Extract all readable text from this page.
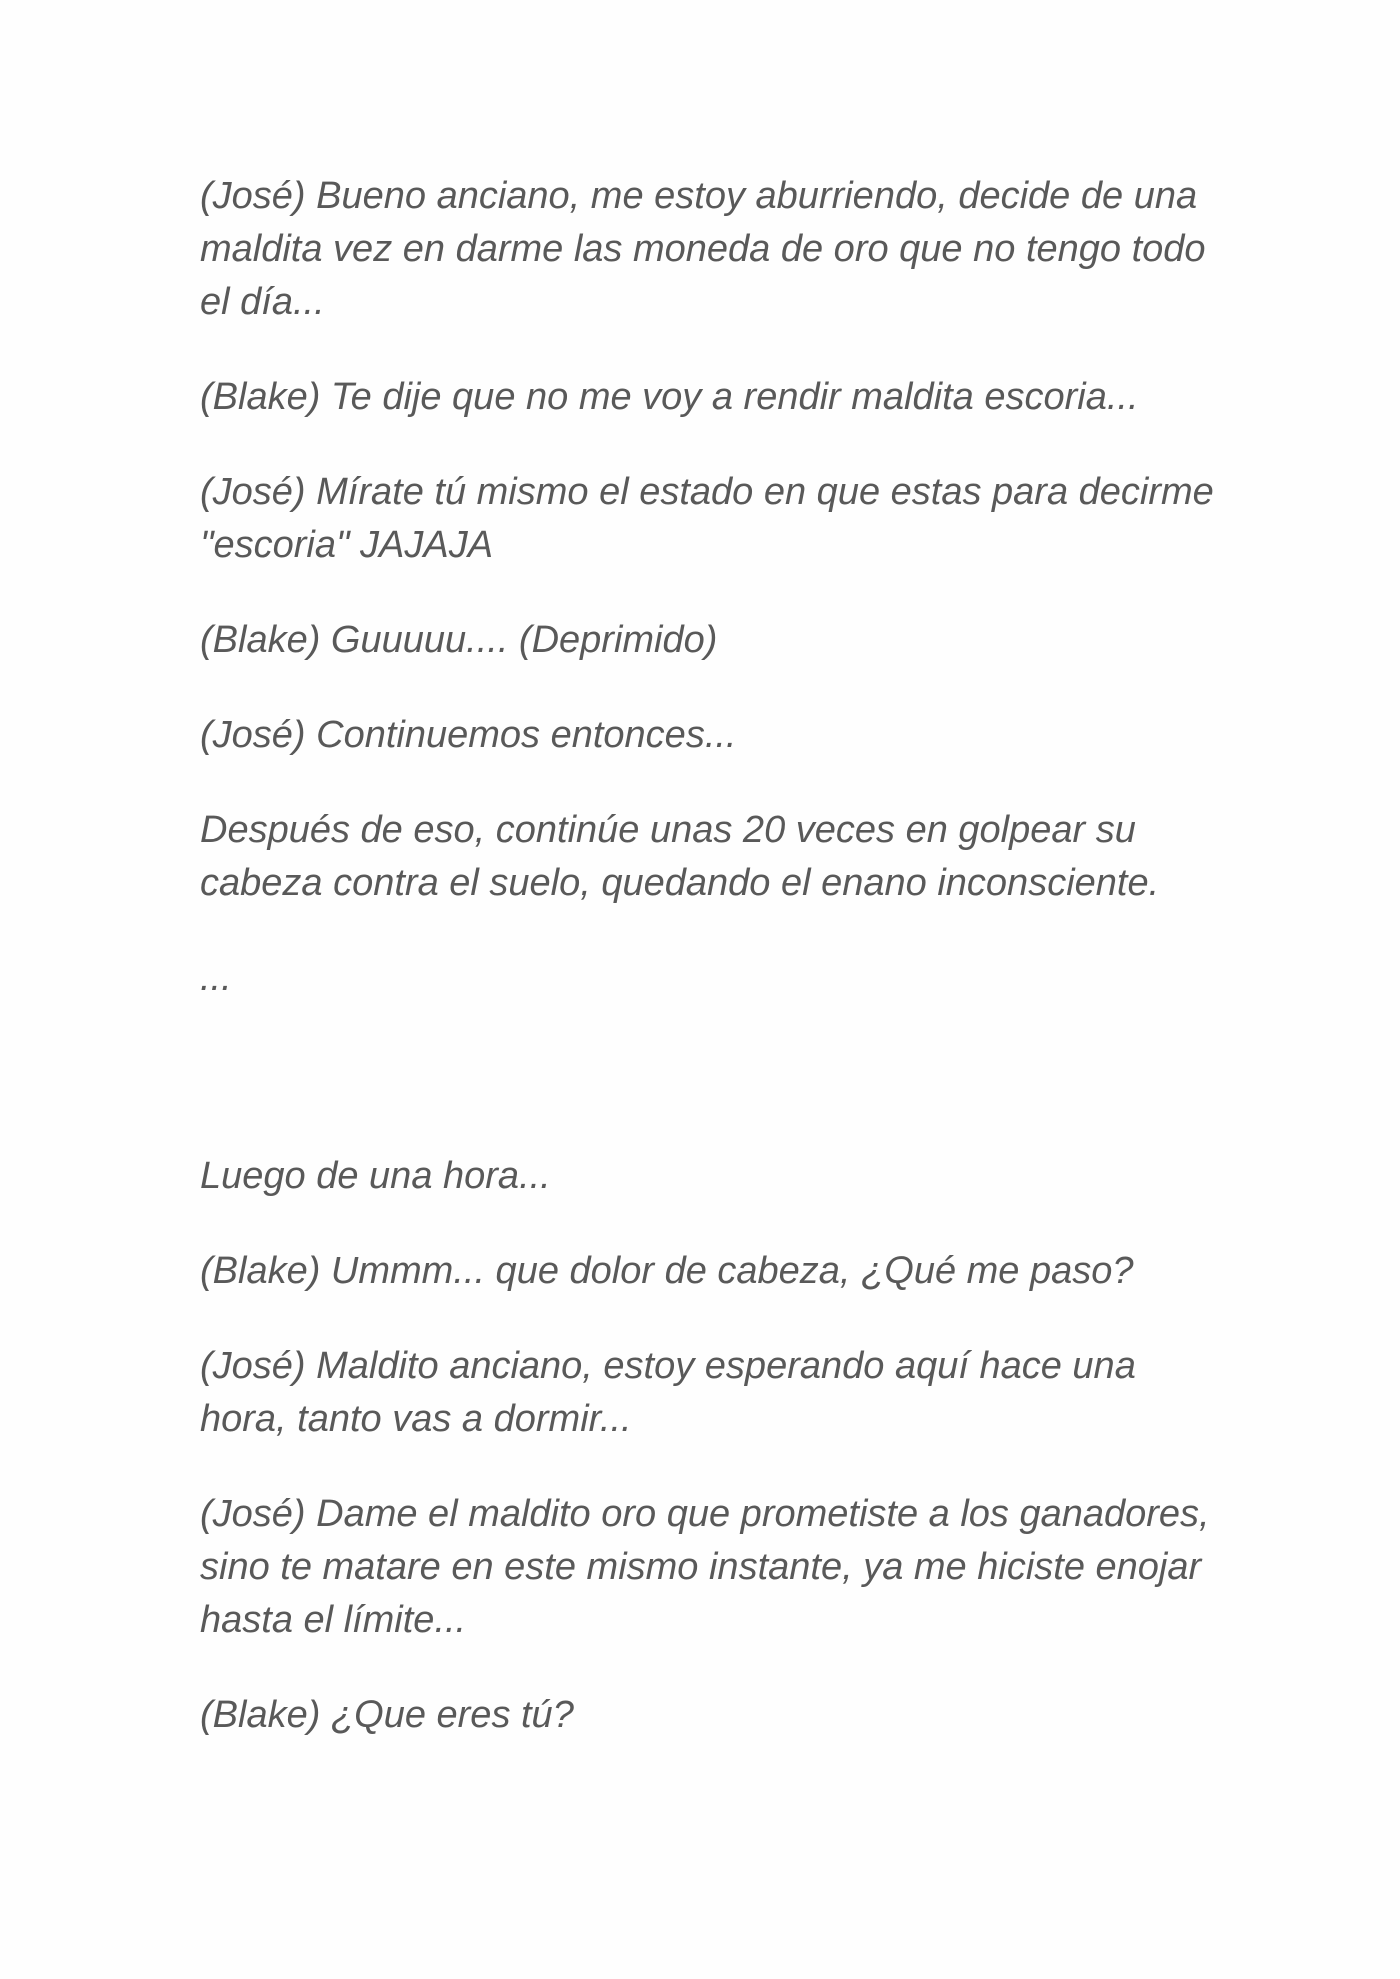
(José) Bueno anciano, me estoy aburriendo, decide de una maldita vez en darme las moneda de oro que no tengo todo el día...

(Blake) Te dije que no me voy a rendir maldita escoria...

(José) Mírate tú mismo el estado en que estas para decirme "escoria" JAJAJA

(Blake) Guuuuu.... (Deprimido)

(José) Continuemos entonces...

Después de eso, continúe unas 20 veces en golpear su cabeza contra el suelo, quedando el enano inconsciente.

...

Luego de una hora...

(Blake) Ummm... que dolor de cabeza, ¿Qué me paso?

(José) Maldito anciano, estoy esperando aquí hace una hora, tanto vas a dormir...

(José) Dame el maldito oro que prometiste a los ganadores, sino te matare en este mismo instante, ya me hiciste enojar hasta el límite...

(Blake) ¿Que eres tú?
